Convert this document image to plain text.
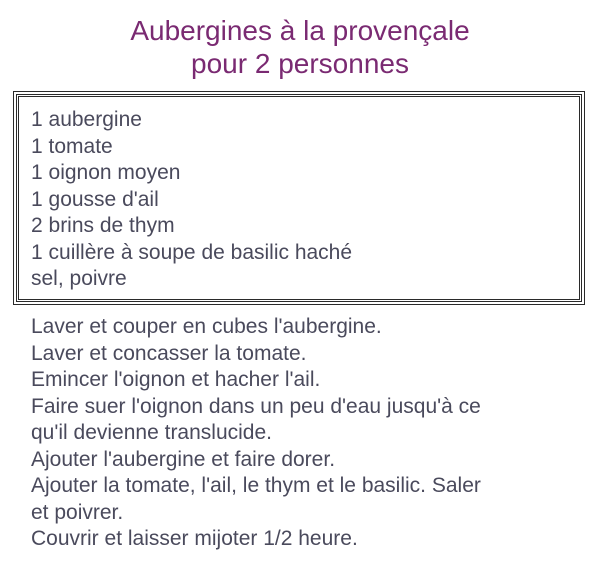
Aubergines à la provençale
pour 2 personnes
1 aubergine
1 tomate
1 oignon moyen
1 gousse d'ail
2 brins de thym
1 cuillère à soupe de basilic haché
sel, poivre
Laver et couper en cubes l'aubergine.
Laver et concasser la tomate.
Emincer l'oignon et hacher l'ail.
Faire suer l'oignon dans un peu d'eau jusqu'à ce
qu'il devienne translucide.
Ajouter l'aubergine et faire dorer.
Ajouter la tomate, l'ail, le thym et le basilic. Saler
et poivrer.
Couvrir et laisser mijoter 1/2 heure.
